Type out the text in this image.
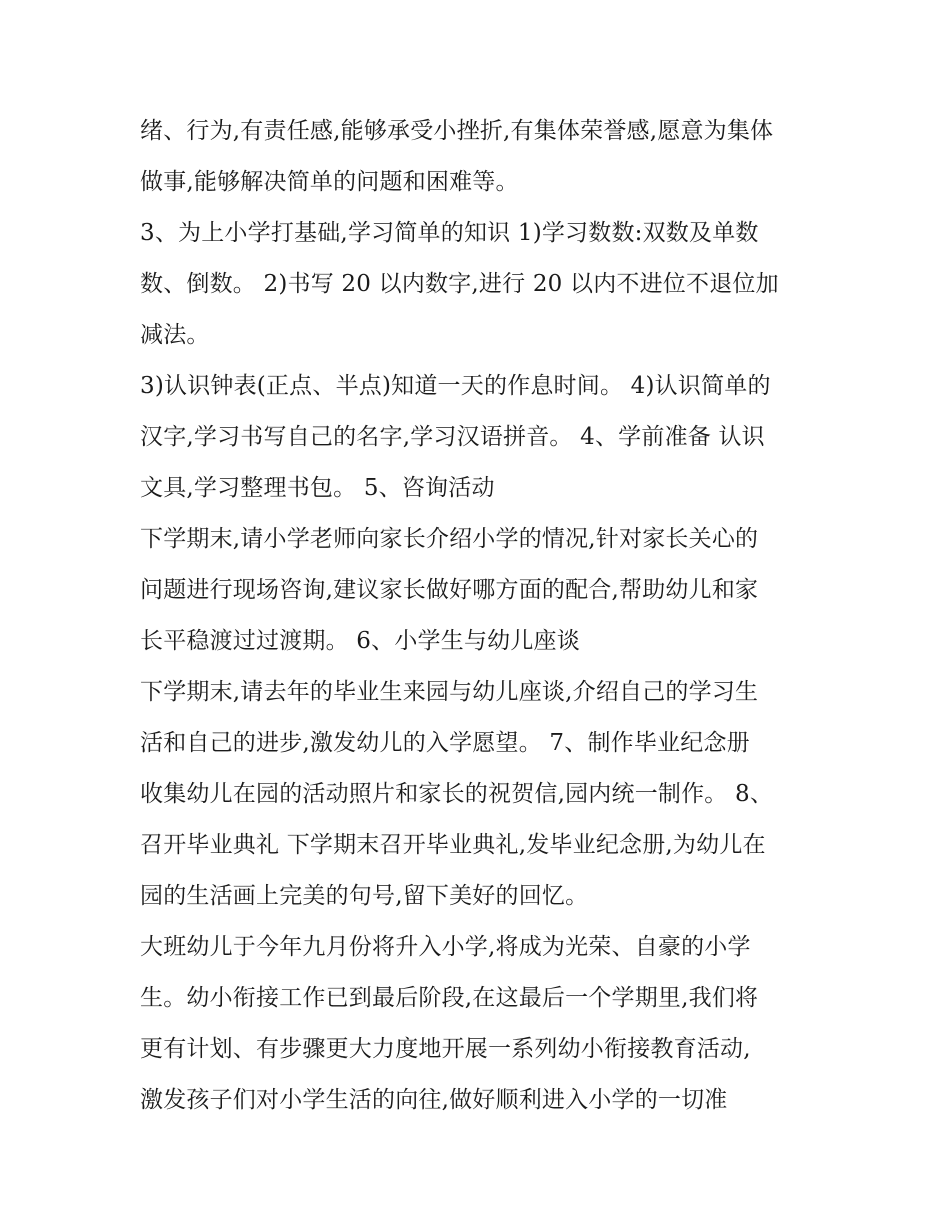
绪、行为,有责任感,能够承受小挫折,有集体荣誉感,愿意为集体
做事,能够解决简单的问题和困难等。
3、为上小学打基础,学习简单的知识 1)学习数数:双数及单数
数、倒数。 2)书写 20 以内数字,进行 20 以内不进位不退位加
减法。
3)认识钟表(正点、半点)知道一天的作息时间。 4)认识简单的
汉字,学习书写自己的名字,学习汉语拼音。 4、学前准备 认识
文具,学习整理书包。 5、咨询活动
下学期末,请小学老师向家长介绍小学的情况,针对家长关心的
问题进行现场咨询,建议家长做好哪方面的配合,帮助幼儿和家
长平稳渡过过渡期。 6、小学生与幼儿座谈
下学期末,请去年的毕业生来园与幼儿座谈,介绍自己的学习生
活和自己的进步,激发幼儿的入学愿望。 7、制作毕业纪念册
收集幼儿在园的活动照片和家长的祝贺信,园内统一制作。 8、
召开毕业典礼 下学期末召开毕业典礼,发毕业纪念册,为幼儿在
园的生活画上完美的句号,留下美好的回忆。
大班幼儿于今年九月份将升入小学,将成为光荣、自豪的小学
生。幼小衔接工作已到最后阶段,在这最后一个学期里,我们将
更有计划、有步骤更大力度地开展一系列幼小衔接教育活动,
激发孩子们对小学生活的向往,做好顺利进入小学的一切准
